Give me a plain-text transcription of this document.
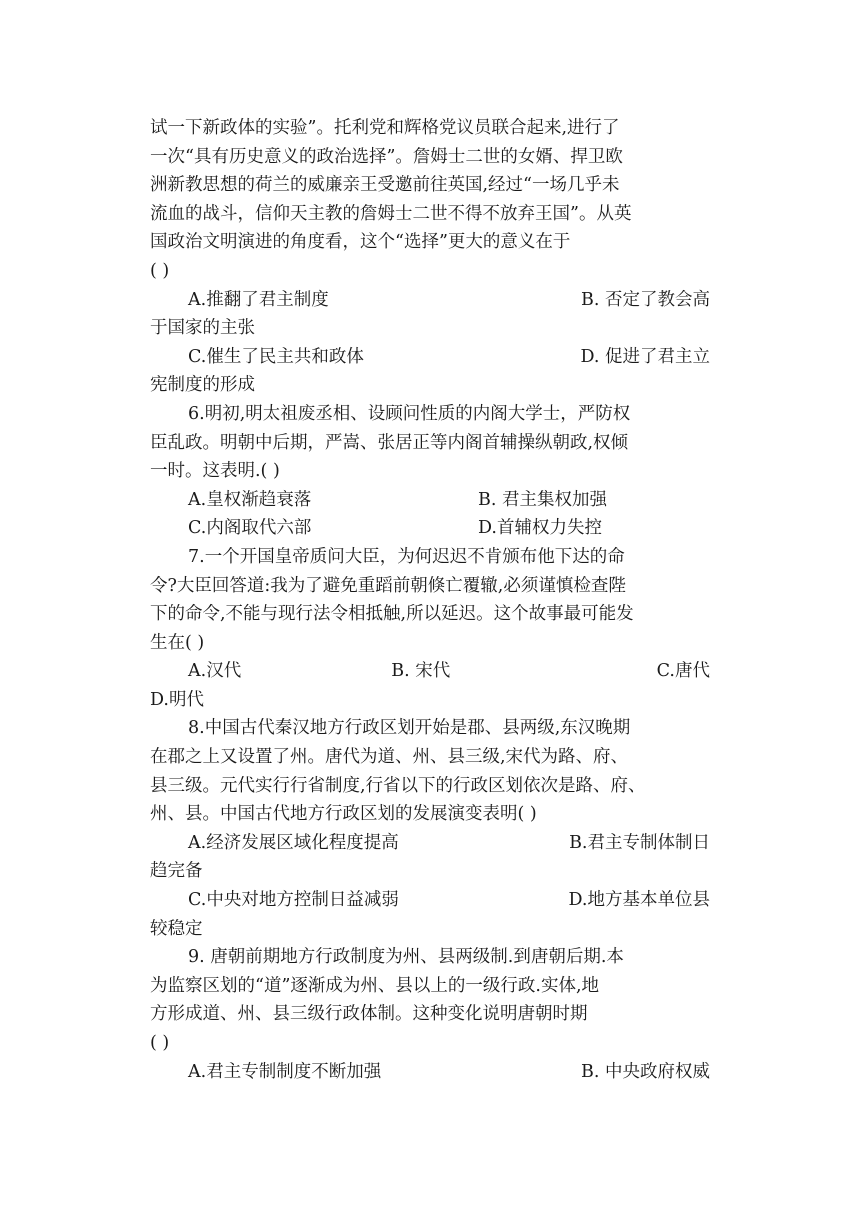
试一下新政体的实验”。托利党和辉格党议员联合起来,进行了
一次“具有历史意义的政治选择”。詹姆士二世的女婿、捍卫欧
洲新教思想的荷兰的威廉亲王受邀前往英国,经过“一场几乎未
流血的战斗，信仰天主教的詹姆士二世不得不放弃王国”。从英
国政治文明演进的角度看，这个“选择”更大的意义在于
( )
A.推翻了君主制度	B. 否定了教会高
于国家的主张
C.催生了民主共和政体	D. 促进了君主立
宪制度的形成
6.明初,明太祖废丞相、设顾问性质的内阁大学士，严防权
臣乱政。明朝中后期，严嵩、张居正等内阁首辅操纵朝政,权倾
一时。这表明.( )
A.皇权渐趋衰落	B. 君主集权加强
C.内阁取代六部	D.首辅权力失控
7.一个开国皇帝质问大臣，为何迟迟不肯颁布他下达的命
令?大臣回答道:我为了避免重蹈前朝倏亡覆辙,必须谨慎检查陛
下的命令,不能与现行法令相抵触,所以延迟。这个故事最可能发
生在( )
A.汉代	B. 宋代	C.唐代
D.明代
8.中国古代秦汉地方行政区划开始是郡、县两级,东汉晚期
在郡之上又设置了州。唐代为道、州、县三级,宋代为路、府、
县三级。元代实行行省制度,行省以下的行政区划依次是路、府、
州、县。中国古代地方行政区划的发展演变表明( )
A.经济发展区域化程度提高	B.君主专制体制日
趋完备
C.中央对地方控制日益减弱	D.地方基本单位县
较稳定
9. 唐朝前期地方行政制度为州、县两级制.到唐朝后期.本
为监察区划的“道”逐渐成为州、县以上的一级行政.实体,地
方形成道、州、县三级行政体制。这种变化说明唐朝时期
( )
A.君主专制制度不断加强	B. 中央政府权威
